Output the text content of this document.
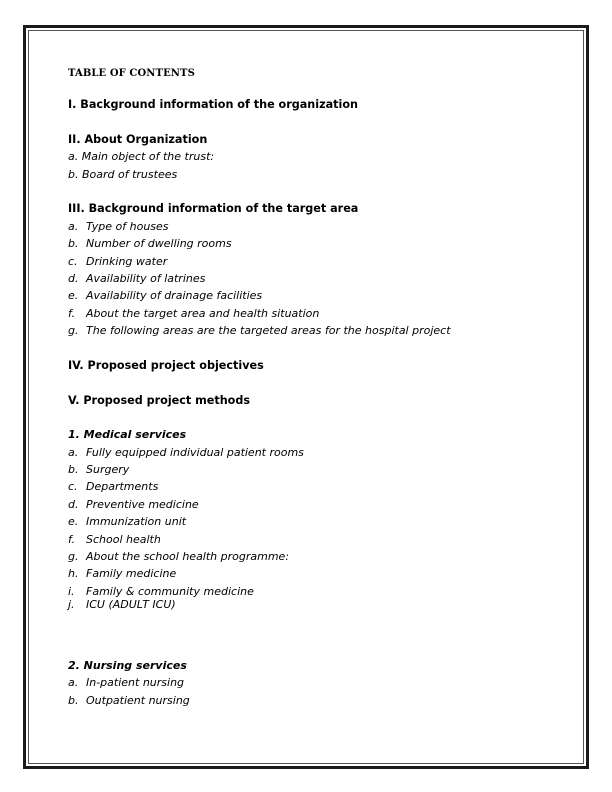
TABLE OF CONTENTS
I. Background information of the organization
II. About Organization
a. Main object of the trust:
b. Board of trustees
III. Background information of the target area
a. Type of houses
b. Number of dwelling rooms
c. Drinking water
d. Availability of latrines
e. Availability of drainage facilities
f. About the target area and health situation
g. The following areas are the targeted areas for the hospital project
IV. Proposed project objectives
V. Proposed project methods
1. Medical services
a. Fully equipped individual patient rooms
b. Surgery
c. Departments
d. Preventive medicine
e. Immunization unit
f. School health
g. About the school health programme:
h. Family medicine
i. Family & community medicine
j. ICU (ADULT ICU)
2. Nursing services
a. In-patient nursing
b. Outpatient nursing
